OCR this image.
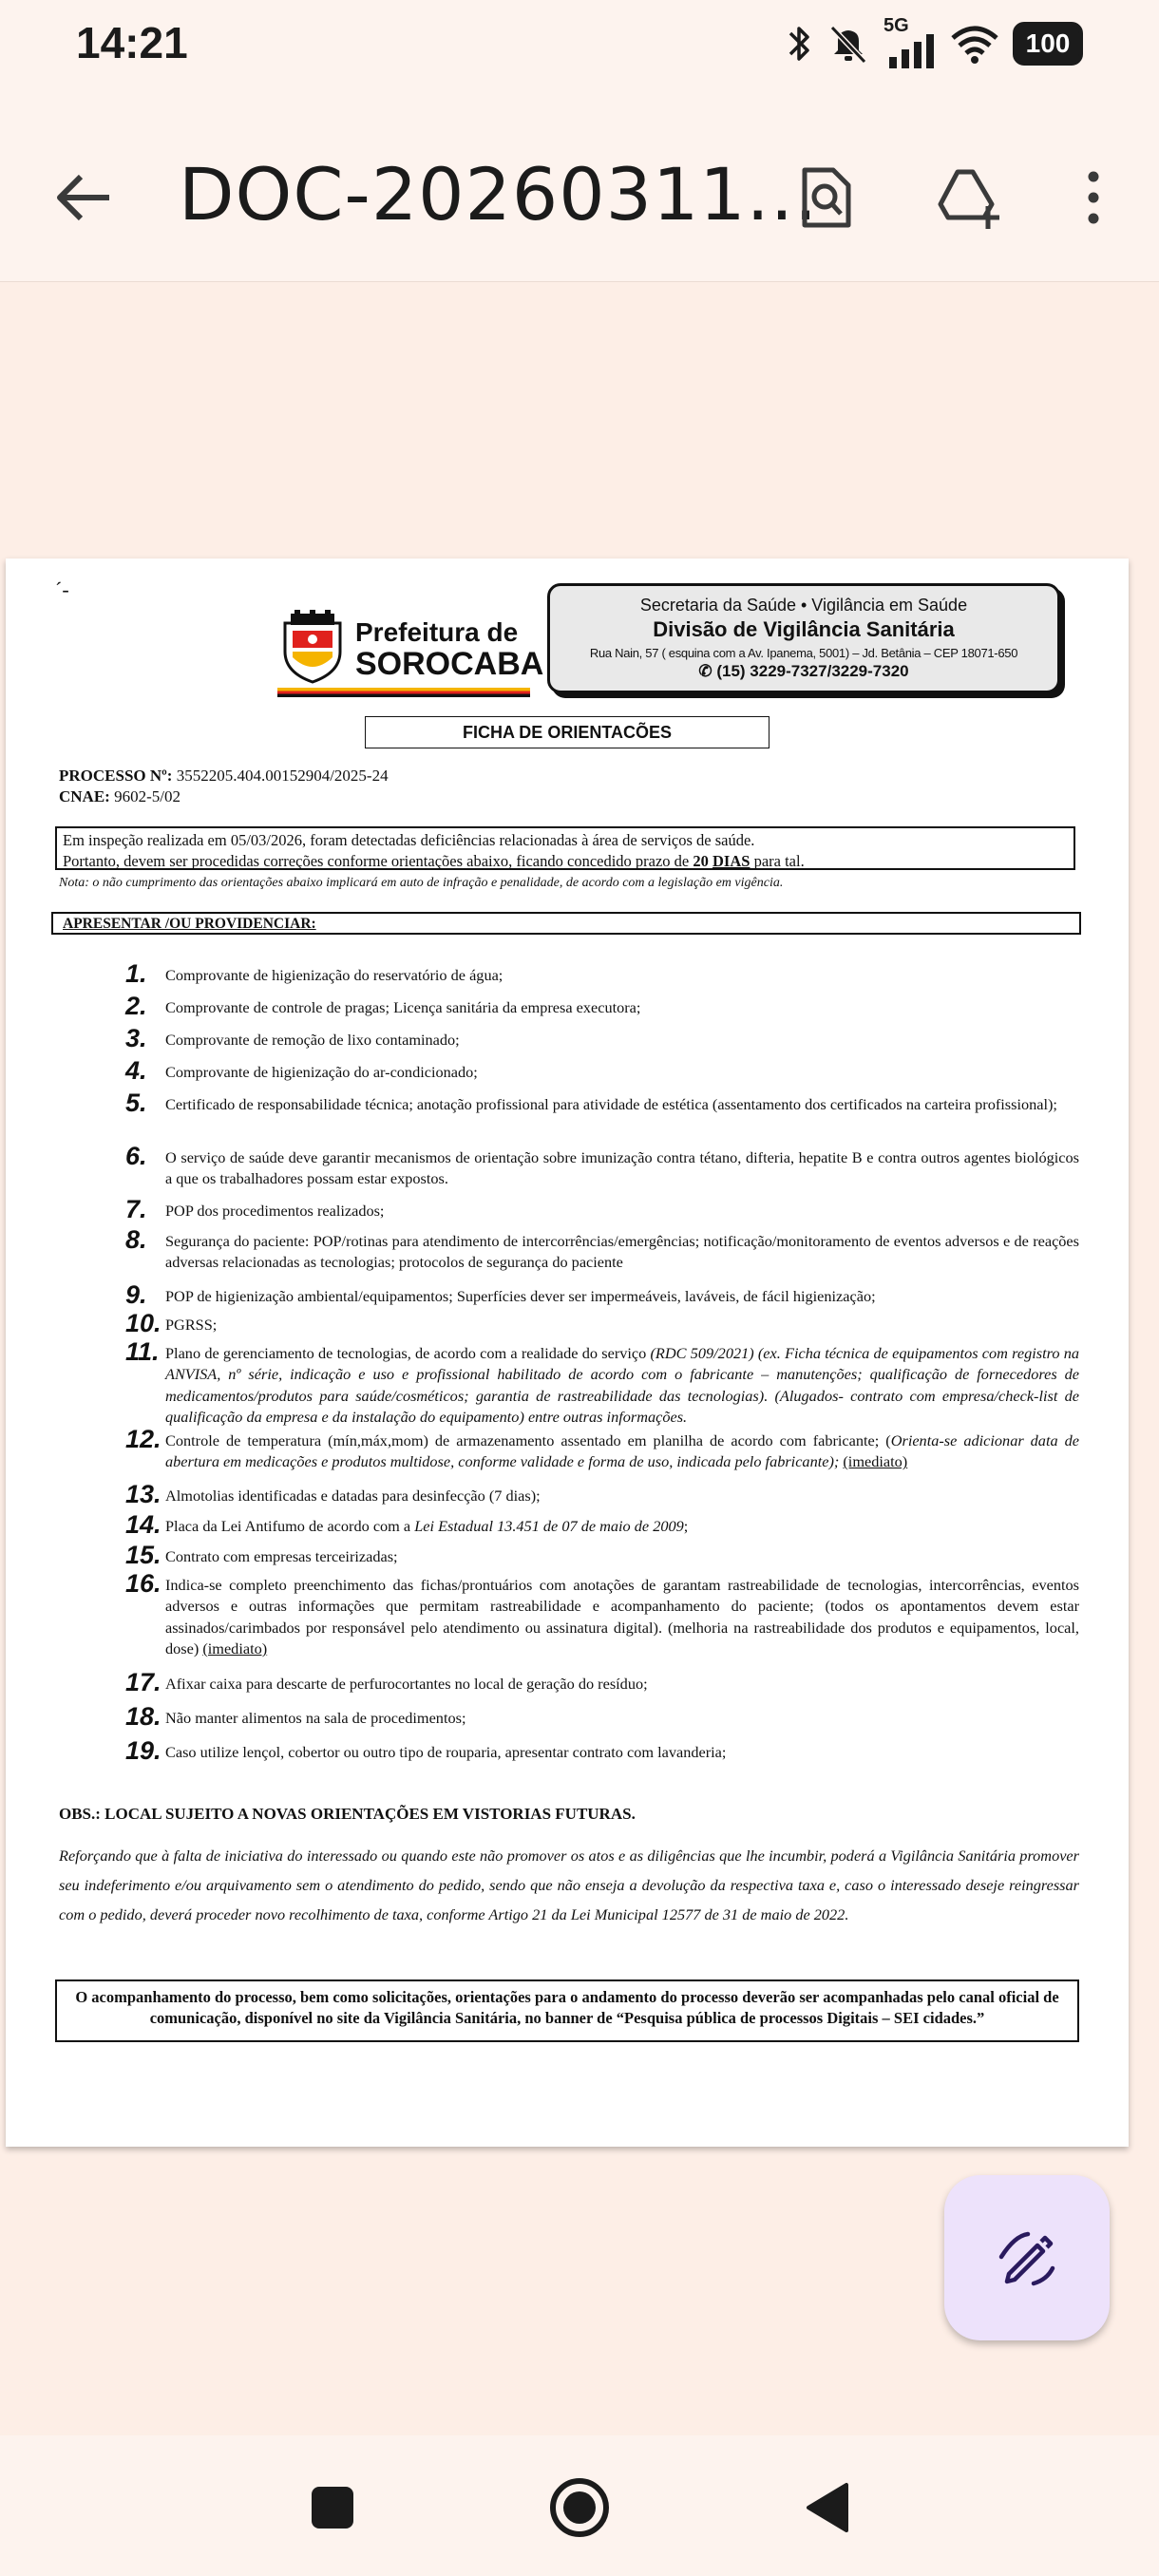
14:21	5G
100
DOC-20260311...
´-
Prefeitura de
SOROCABA
Secretaria da Saúde • Vigilância em Saúde
Divisão de Vigilância Sanitária
Rua Nain, 57 ( esquina com a Av. Ipanema, 5001) – Jd. Betânia – CEP 18071-650
✆ (15) 3229-7327/3229-7320
FICHA DE ORIENTACÕES
PROCESSO Nº: 3552205.404.00152904/2025-24
CNAE: 9602-5/02
Em inspeção realizada em 05/03/2026, foram detectadas deficiências relacionadas à área de serviços de saúde.
Portanto, devem ser procedidas correções conforme orientações abaixo, ficando concedido prazo de 20 DIAS para tal.
Nota: o não cumprimento das orientações abaixo implicará em auto de infração e penalidade, de acordo com a legislação em vigência.
APRESENTAR /OU PROVIDENCIAR:
1.	Comprovante de higienização do reservatório de água;
2.	Comprovante de controle de pragas; Licença sanitária da empresa executora;
3.	Comprovante de remoção de lixo contaminado;
4.	Comprovante de higienização do ar-condicionado;
5.	Certificado de responsabilidade técnica; anotação profissional para atividade de estética (assentamento dos certificados na carteira profissional);
6.	O serviço de saúde deve garantir mecanismos de orientação sobre imunização contra tétano, difteria, hepatite B e contra outros agentes biológicos a que os trabalhadores possam estar expostos.
7.	POP dos procedimentos realizados;
8.	Segurança do paciente: POP/rotinas para atendimento de intercorrências/emergências; notificação/monitoramento de eventos adversos e de reações adversas relacionadas as tecnologias; protocolos de segurança do paciente
9.	POP de higienização ambiental/equipamentos; Superfícies dever ser impermeáveis, laváveis, de fácil higienização;
10. PGRSS;
11. Plano de gerenciamento de tecnologias, de acordo com a realidade do serviço (RDC 509/2021) (ex. Ficha técnica de equipamentos com registro na ANVISA, nº série, indicação e uso e profissional habilitado de acordo com o fabricante – manutenções; qualificação de fornecedores de medicamentos/produtos para saúde/cosméticos; garantia de rastreabilidade das tecnologias). (Alugados- contrato com empresa/check-list de qualificação da empresa e da instalação do equipamento) entre outras informações.
12. Controle de temperatura (mín,máx,mom) de armazenamento assentado em planilha de acordo com fabricante; (Orienta-se adicionar data de abertura em medicações e produtos multidose, conforme validade e forma de uso, indicada pelo fabricante); (imediato)
13. Almotolias identificadas e datadas para desinfecção (7 dias);
14. Placa da Lei Antifumo de acordo com a Lei Estadual 13.451 de 07 de maio de 2009;
15. Contrato com empresas terceirizadas;
16. Indica-se completo preenchimento das fichas/prontuários com anotações de garantam rastreabilidade de tecnologias, intercorrências, eventos adversos e outras informações que permitam rastreabilidade e acompanhamento do paciente; (todos os apontamentos devem estar assinados/carimbados por responsável pelo atendimento ou assinatura digital). (melhoria na rastreabilidade dos produtos e equipamentos, local, dose) (imediato)
17. Afixar caixa para descarte de perfurocortantes no local de geração do resíduo;
18. Não manter alimentos na sala de procedimentos;
19. Caso utilize lençol, cobertor ou outro tipo de rouparia, apresentar contrato com lavanderia;
OBS.: LOCAL SUJEITO A NOVAS ORIENTAÇÕES EM VISTORIAS FUTURAS.
Reforçando que à falta de iniciativa do interessado ou quando este não promover os atos e as diligências que lhe incumbir, poderá a Vigilância Sanitária promover seu indeferimento e/ou arquivamento sem o atendimento do pedido, sendo que não enseja a devolução da respectiva taxa e, caso o interessado deseje reingressar com o pedido, deverá proceder novo recolhimento de taxa, conforme Artigo 21 da Lei Municipal 12577 de 31 de maio de 2022.
O acompanhamento do processo, bem como solicitações, orientações para o andamento do processo deverão ser acompanhadas pelo canal oficial de comunicação, disponível no site da Vigilância Sanitária, no banner de “Pesquisa pública de processos Digitais – SEI cidades.”
